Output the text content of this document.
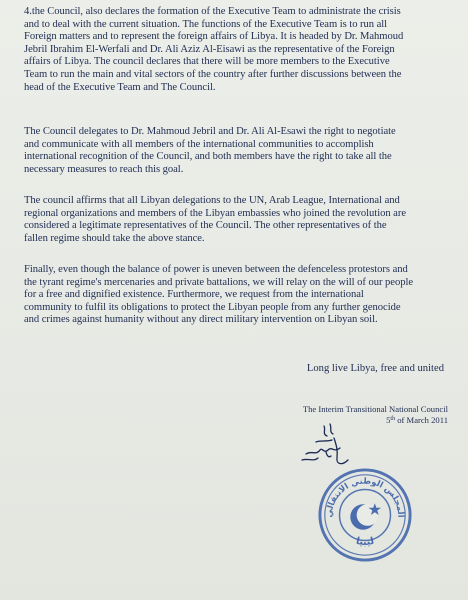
4.the Council, also declares the formation of the Executive Team to administrate the crisis
and to deal with the current situation. The functions of the Executive Team is to run all
Foreign matters and to represent the foreign affairs of Libya. It is headed by Dr. Mahmoud
Jebril Ibrahim El-Werfali and Dr. Ali Aziz Al-Eisawi as the representative of the Foreign
affairs of Libya. The council declares that there will be more members to the Executive
Team to run the main and vital sectors of the country after further discussions between the
head of the Executive Team and The Council.
The Council delegates to Dr. Mahmoud Jebril and Dr. Ali Al-Esawi the right to negotiate
and communicate with all members of the international communities to accomplish
international recognition of the Council, and both members have the right to take all the
necessary measures to reach this goal.
The council affirms that all Libyan delegations to the UN, Arab League, International and
regional organizations and members of the Libyan embassies who joined the revolution are
considered a legitimate representatives of the Council. The other representatives of the
fallen regime should take the above stance.
Finally, even though the balance of power is uneven between the defenceless protestors and
the tyrant regime's mercenaries and private battalions, we will relay on the will of our people
for a free and dignified existence. Furthermore, we request from the international
community to fulfil its obligations to protect the Libyan people from any further genocide
and crimes against humanity without any direct military intervention on Libyan soil.
Long live Libya, free and united
The Interim Transitional National Council
5th of March 2011
المجلس الوطني الانتقالي
ليبيا
